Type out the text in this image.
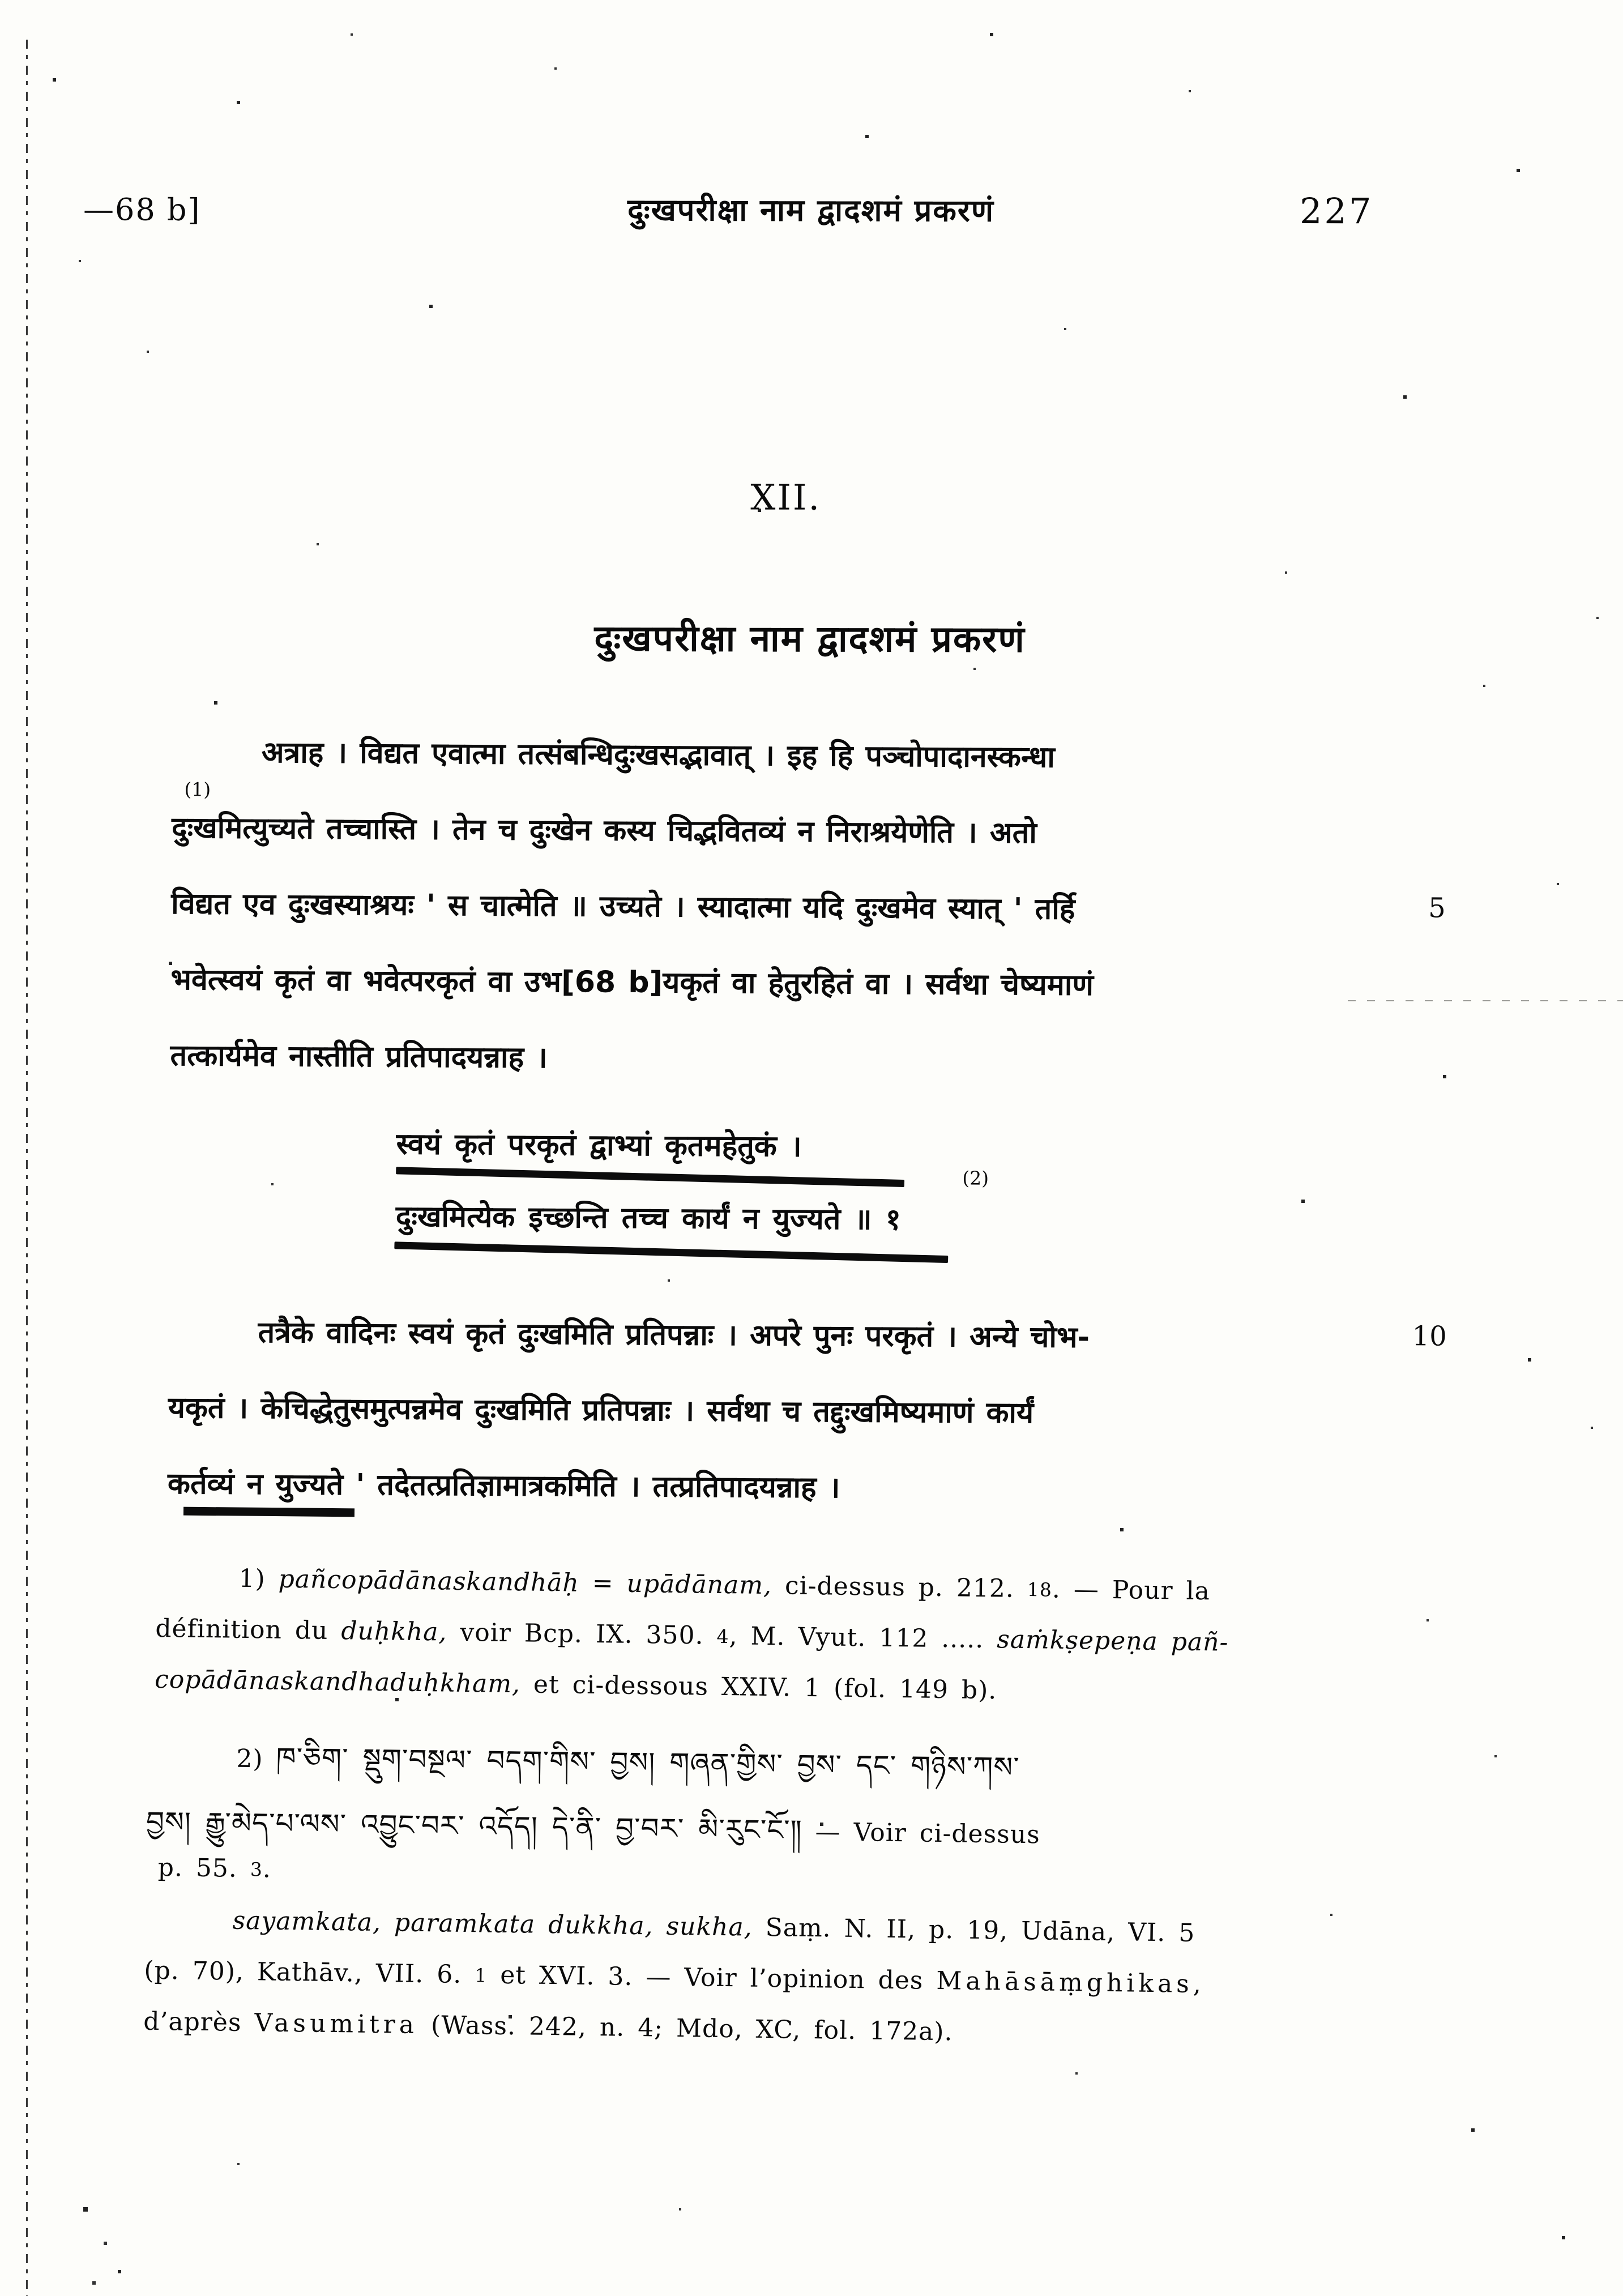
—68 b]	दुःखपरीक्षा नाम द्वादशमं प्रकरणं	227
XII.
दुःखपरीक्षा नाम द्वादशमं प्रकरणं
अत्राह । विद्यत एवात्मा तत्संबन्धिदुःखसद्भावात् । इह हि पञ्चोपादानस्कन्धा
(1)
दुःखमित्युच्यते तच्चास्ति । तेन च दुःखेन कस्य चिद्भवितव्यं न निराश्रयेणेति । अतो
विद्यत एव दुःखस्याश्रयः ' स चात्मेति ॥ उच्यते । स्यादात्मा यदि दुःखमेव स्यात् ' तर्हि	5
भवेत्स्वयं कृतं वा भवेत्परकृतं वा उभ[68 b]यकृतं वा हेतुरहितं वा । सर्वथा चेष्यमाणं
तत्कार्यमेव नास्तीति प्रतिपादयन्नाह ।
स्वयं कृतं परकृतं द्वाभ्यां कृतमहेतुकं ।
(2)
दुःखमित्येक इच्छन्ति तच्च कार्यं न युज्यते ॥ १
तत्रैके वादिनः स्वयं कृतं दुःखमिति प्रतिपन्नाः । अपरे पुनः परकृतं । अन्ये चोभ-	10
यकृतं । केचिद्धेतुसमुत्पन्नमेव दुःखमिति प्रतिपन्नाः । सर्वथा च तद्दुःखमिष्यमाणं कार्यं
कर्तव्यं न युज्यते ' तदेतत्प्रतिज्ञामात्रकमिति । तत्प्रतिपादयन्नाह ।
1) pañcopādānaskandhāḥ = upādānam, ci-dessus p. 212. 18. — Pour la
définition du duḥkha, voir Bcp. IX. 350. 4, M. Vyut. 112 ..... saṁkṣepeṇa pañ-
copādānaskandhaduḥkham, et ci-dessous XXIV. 1 (fol. 149 b).
2) ཁ་ཅིག་ སྡུག་བསྔལ་ བདག་གིས་ བྱས། གཞན་གྱིས་ བྱས་ དང་ གཉིས་ཀས་
བྱས། རྒྱུ་མེད་པ་ལས་ འབྱུང་བར་ འདོད། དེ་ནི་ བྱ་བར་ མི་རུང་ངོ་༎ — Voir ci-dessus
p. 55. 3.
sayamkata, paramkata dukkha, sukha, Saṃ. N. II, p. 19, Udāna, VI. 5
(p. 70), Kathāv., VII. 6. 1 et XVI. 3. — Voir l’opinion des Mahāsāṃghikas,
d’après Vasumitra (Wass. 242, n. 4; Mdo, XC, fol. 172a).
